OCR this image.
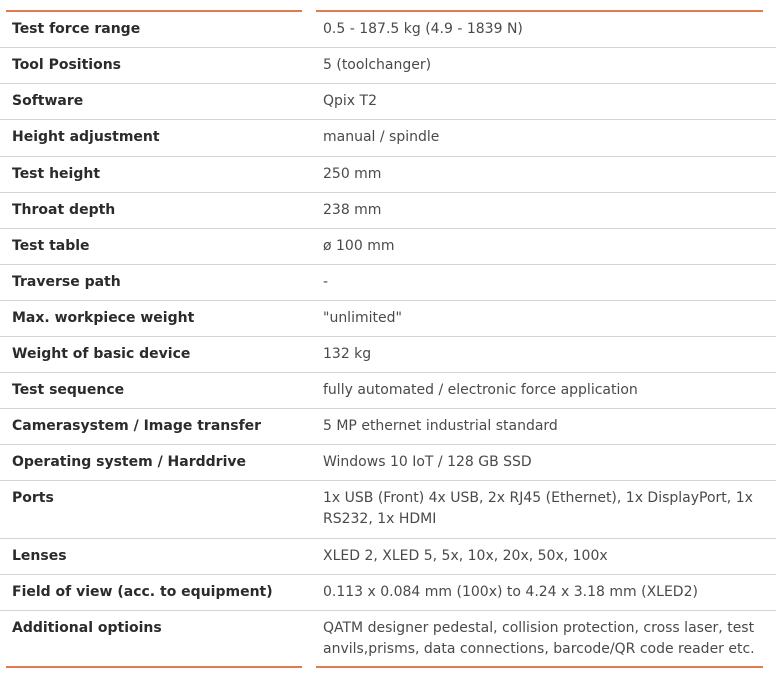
Test force range	0.5 - 187.5 kg (4.9 - 1839 N)
Tool Positions	5 (toolchanger)
Software	Qpix T2
Height adjustment	manual / spindle
Test height	250 mm
Throat depth	238 mm
Test table	ø 100 mm
Traverse path	-
Max. workpiece weight	"unlimited"
Weight of basic device	132 kg
Test sequence	fully automated / electronic force application
Camerasystem / Image transfer	5 MP ethernet industrial standard
Operating system / Harddrive	Windows 10 IoT / 128 GB SSD
Ports	1x USB (Front) 4x USB, 2x RJ45 (Ethernet), 1x DisplayPort, 1x RS232, 1x HDMI
Lenses	XLED 2, XLED 5, 5x, 10x, 20x, 50x, 100x
Field of view (acc. to equipment)	0.113 x 0.084 mm (100x) to 4.24 x 3.18 mm (XLED2)
Additional optioins	QATM designer pedestal, collision protection, cross laser, test anvils,prisms, data connections, barcode/QR code reader etc.
